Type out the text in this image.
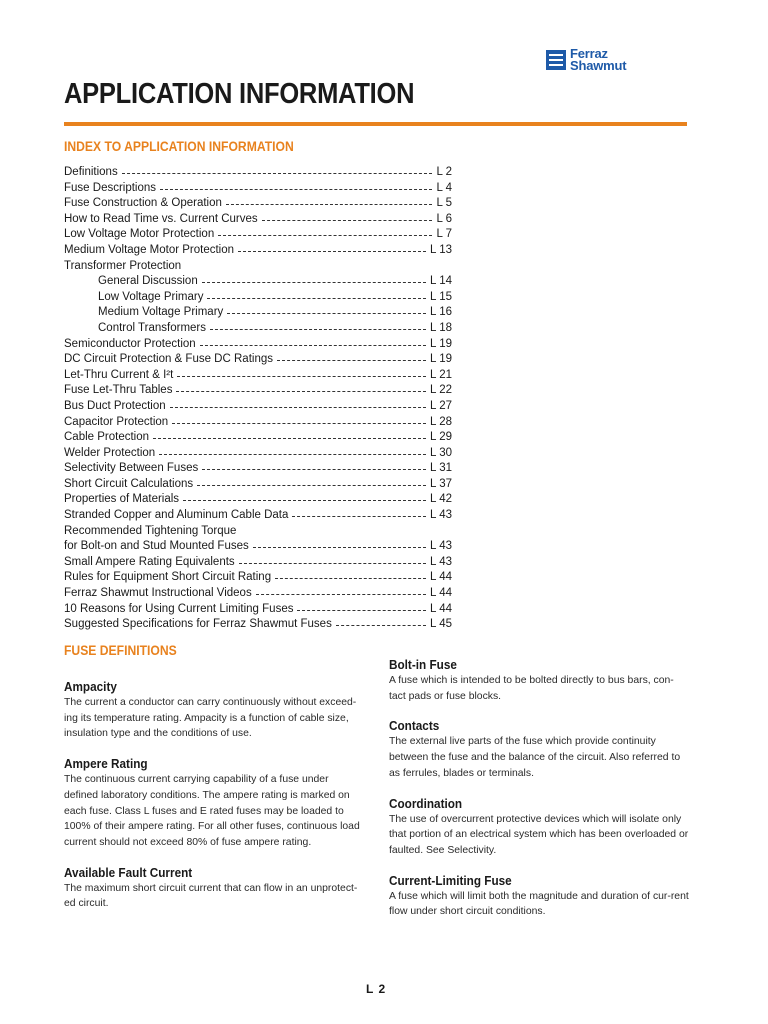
Ferraz
Shawmut
APPLICATION INFORMATION
INDEX TO APPLICATION INFORMATION
Definitions	L 2
Fuse Descriptions	L 4
Fuse Construction & Operation	L 5
How to Read Time vs. Current Curves	L 6
Low Voltage Motor Protection	L 7
Medium Voltage Motor Protection	L 13
Transformer Protection
General Discussion	L 14
Low Voltage Primary	L 15
Medium Voltage Primary	L 16
Control Transformers	L 18
Semiconductor Protection	L 19
DC Circuit Protection & Fuse DC Ratings	L 19
Let-Thru Current & I²t	L 21
Fuse Let-Thru Tables	L 22
Bus Duct Protection	L 27
Capacitor Protection	L 28
Cable Protection	L 29
Welder Protection	L 30
Selectivity Between Fuses	L 31
Short Circuit Calculations	L 37
Properties of Materials	L 42
Stranded Copper and Aluminum Cable Data	L 43
Recommended Tightening Torque
for Bolt-on and Stud Mounted Fuses	L 43
Small Ampere Rating Equivalents	L 43
Rules for Equipment Short Circuit Rating	L 44
Ferraz Shawmut Instructional Videos	L 44
10 Reasons for Using Current Limiting Fuses	L 44
Suggested Specifications for Ferraz Shawmut Fuses	L 45
FUSE DEFINITIONS
Ampacity

The current a conductor can carry continuously without exceed-ing its temperature rating. Ampacity is a function of cable size, insulation type and the conditions of use.

Ampere Rating

The continuous current carrying capability of a fuse under defined laboratory conditions. The ampere rating is marked on each fuse. Class L fuses and E rated fuses may be loaded to 100% of their ampere rating. For all other fuses, continuous load current should not exceed 80% of fuse ampere rating.

Available Fault Current

The maximum short circuit current that can flow in an unprotect-ed circuit.

Bolt-in Fuse

A fuse which is intended to be bolted directly to bus bars, con-tact pads or fuse blocks.

Contacts

The external live parts of the fuse which provide continuity between the fuse and the balance of the circuit. Also referred to as ferrules, blades or terminals.

Coordination

The use of overcurrent protective devices which will isolate only that portion of an electrical system which has been overloaded or faulted. See Selectivity.

Current-Limiting Fuse

A fuse which will limit both the magnitude and duration of cur-rent flow under short circuit conditions.

L 2
